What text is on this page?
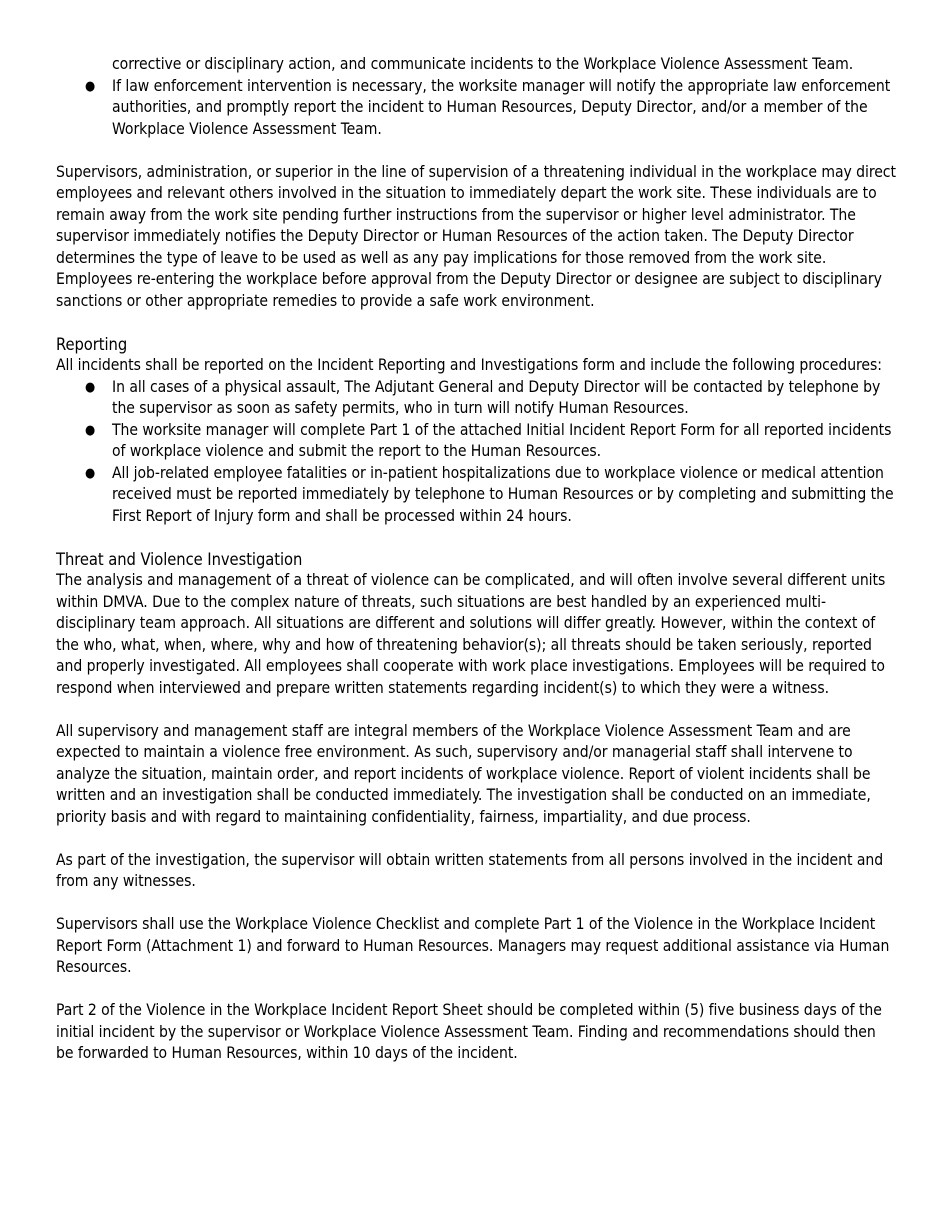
corrective or disciplinary action, and communicate incidents to the Workplace Violence Assessment Team.

● If law enforcement intervention is necessary, the worksite manager will notify the appropriate law enforcement authorities, and promptly report the incident to Human Resources, Deputy Director, and/or a member of the Workplace Violence Assessment Team.

Supervisors, administration, or superior in the line of supervision of a threatening individual in the workplace may direct employees and relevant others involved in the situation to immediately depart the work site. These individuals are to remain away from the work site pending further instructions from the supervisor or higher level administrator. The supervisor immediately notifies the Deputy Director or Human Resources of the action taken. The Deputy Director determines the type of leave to be used as well as any pay implications for those removed from the work site. Employees re-entering the workplace before approval from the Deputy Director or designee are subject to disciplinary sanctions or other appropriate remedies to provide a safe work environment.

Reporting

All incidents shall be reported on the Incident Reporting and Investigations form and include the following procedures:

● In all cases of a physical assault, The Adjutant General and Deputy Director will be contacted by telephone by the supervisor as soon as safety permits, who in turn will notify Human Resources.
● The worksite manager will complete Part 1 of the attached Initial Incident Report Form for all reported incidents of workplace violence and submit the report to the Human Resources.
● All job-related employee fatalities or in-patient hospitalizations due to workplace violence or medical attention received must be reported immediately by telephone to Human Resources or by completing and submitting the First Report of Injury form and shall be processed within 24 hours.
Threat and Violence Investigation

The analysis and management of a threat of violence can be complicated, and will often involve several different units within DMVA. Due to the complex nature of threats, such situations are best handled by an experienced multi-disciplinary team approach. All situations are different and solutions will differ greatly. However, within the context of the who, what, when, where, why and how of threatening behavior(s); all threats should be taken seriously, reported and properly investigated. All employees shall cooperate with work place investigations. Employees will be required to respond when interviewed and prepare written statements regarding incident(s) to which they were a witness.

All supervisory and management staff are integral members of the Workplace Violence Assessment Team and are expected to maintain a violence free environment. As such, supervisory and/or managerial staff shall intervene to analyze the situation, maintain order, and report incidents of workplace violence. Report of violent incidents shall be written and an investigation shall be conducted immediately. The investigation shall be conducted on an immediate, priority basis and with regard to maintaining confidentiality, fairness, impartiality, and due process.

As part of the investigation, the supervisor will obtain written statements from all persons involved in the incident and from any witnesses.

Supervisors shall use the Workplace Violence Checklist and complete Part 1 of the Violence in the Workplace Incident Report Form (Attachment 1) and forward to Human Resources. Managers may request additional assistance via Human Resources.

Part 2 of the Violence in the Workplace Incident Report Sheet should be completed within (5) five business days of the initial incident by the supervisor or Workplace Violence Assessment Team. Finding and recommendations should then be forwarded to Human Resources, within 10 days of the incident.
